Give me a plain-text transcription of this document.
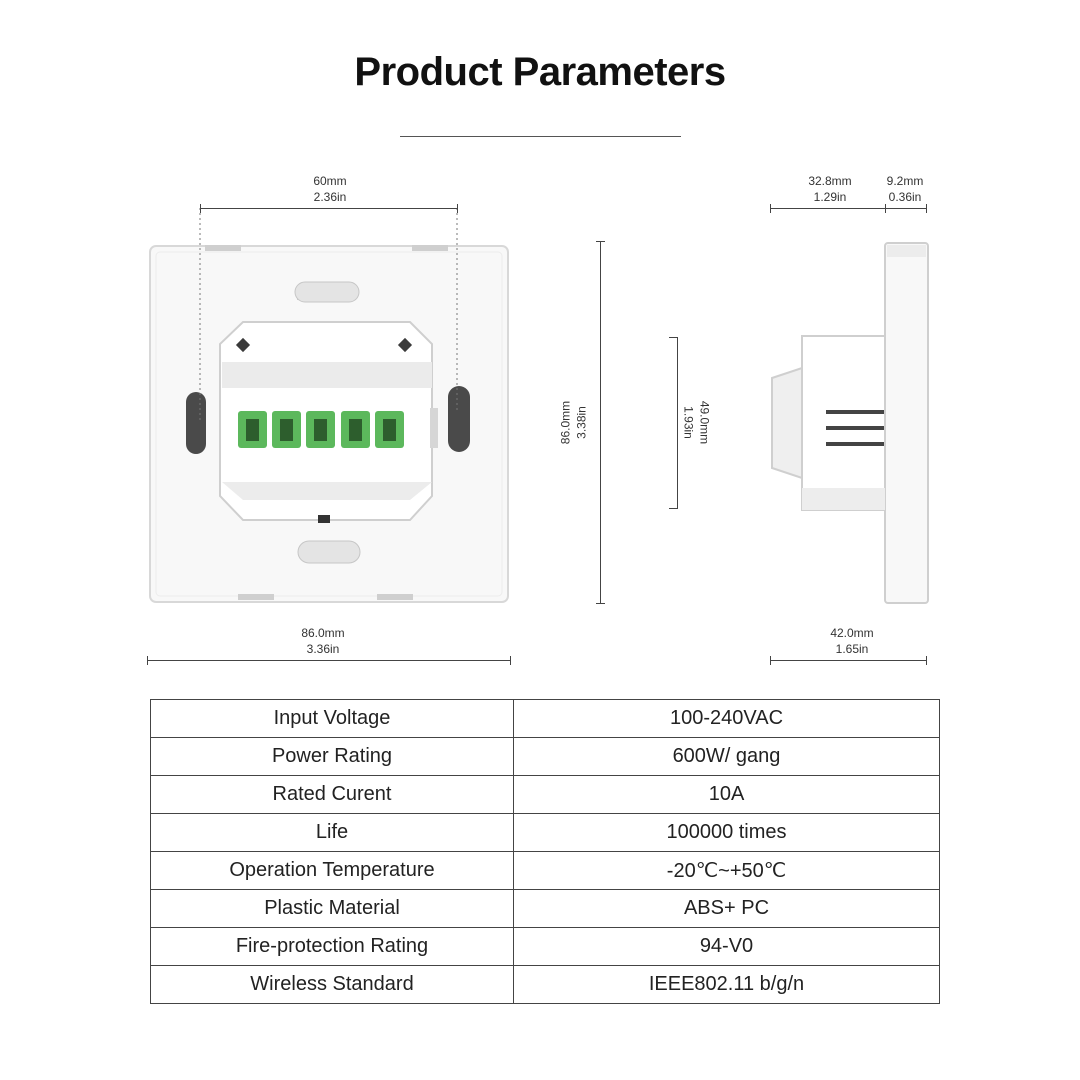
Product Parameters
60mm
2.36in
86.0mm
3.36in
86.0mm 3.38in	49.0mm
1.93in
32.8mm
1.29in
9.2mm
0.36in
42.0mm
1.65in
Input Voltage	100-240VAC
Power Rating	600W/ gang
Rated Curent	10A
Life	100000 times
Operation Temperature	-20℃~+50℃
Plastic Material	ABS+ PC
Fire-protection Rating	94-V0
Wireless Standard	IEEE802.11 b/g/n
